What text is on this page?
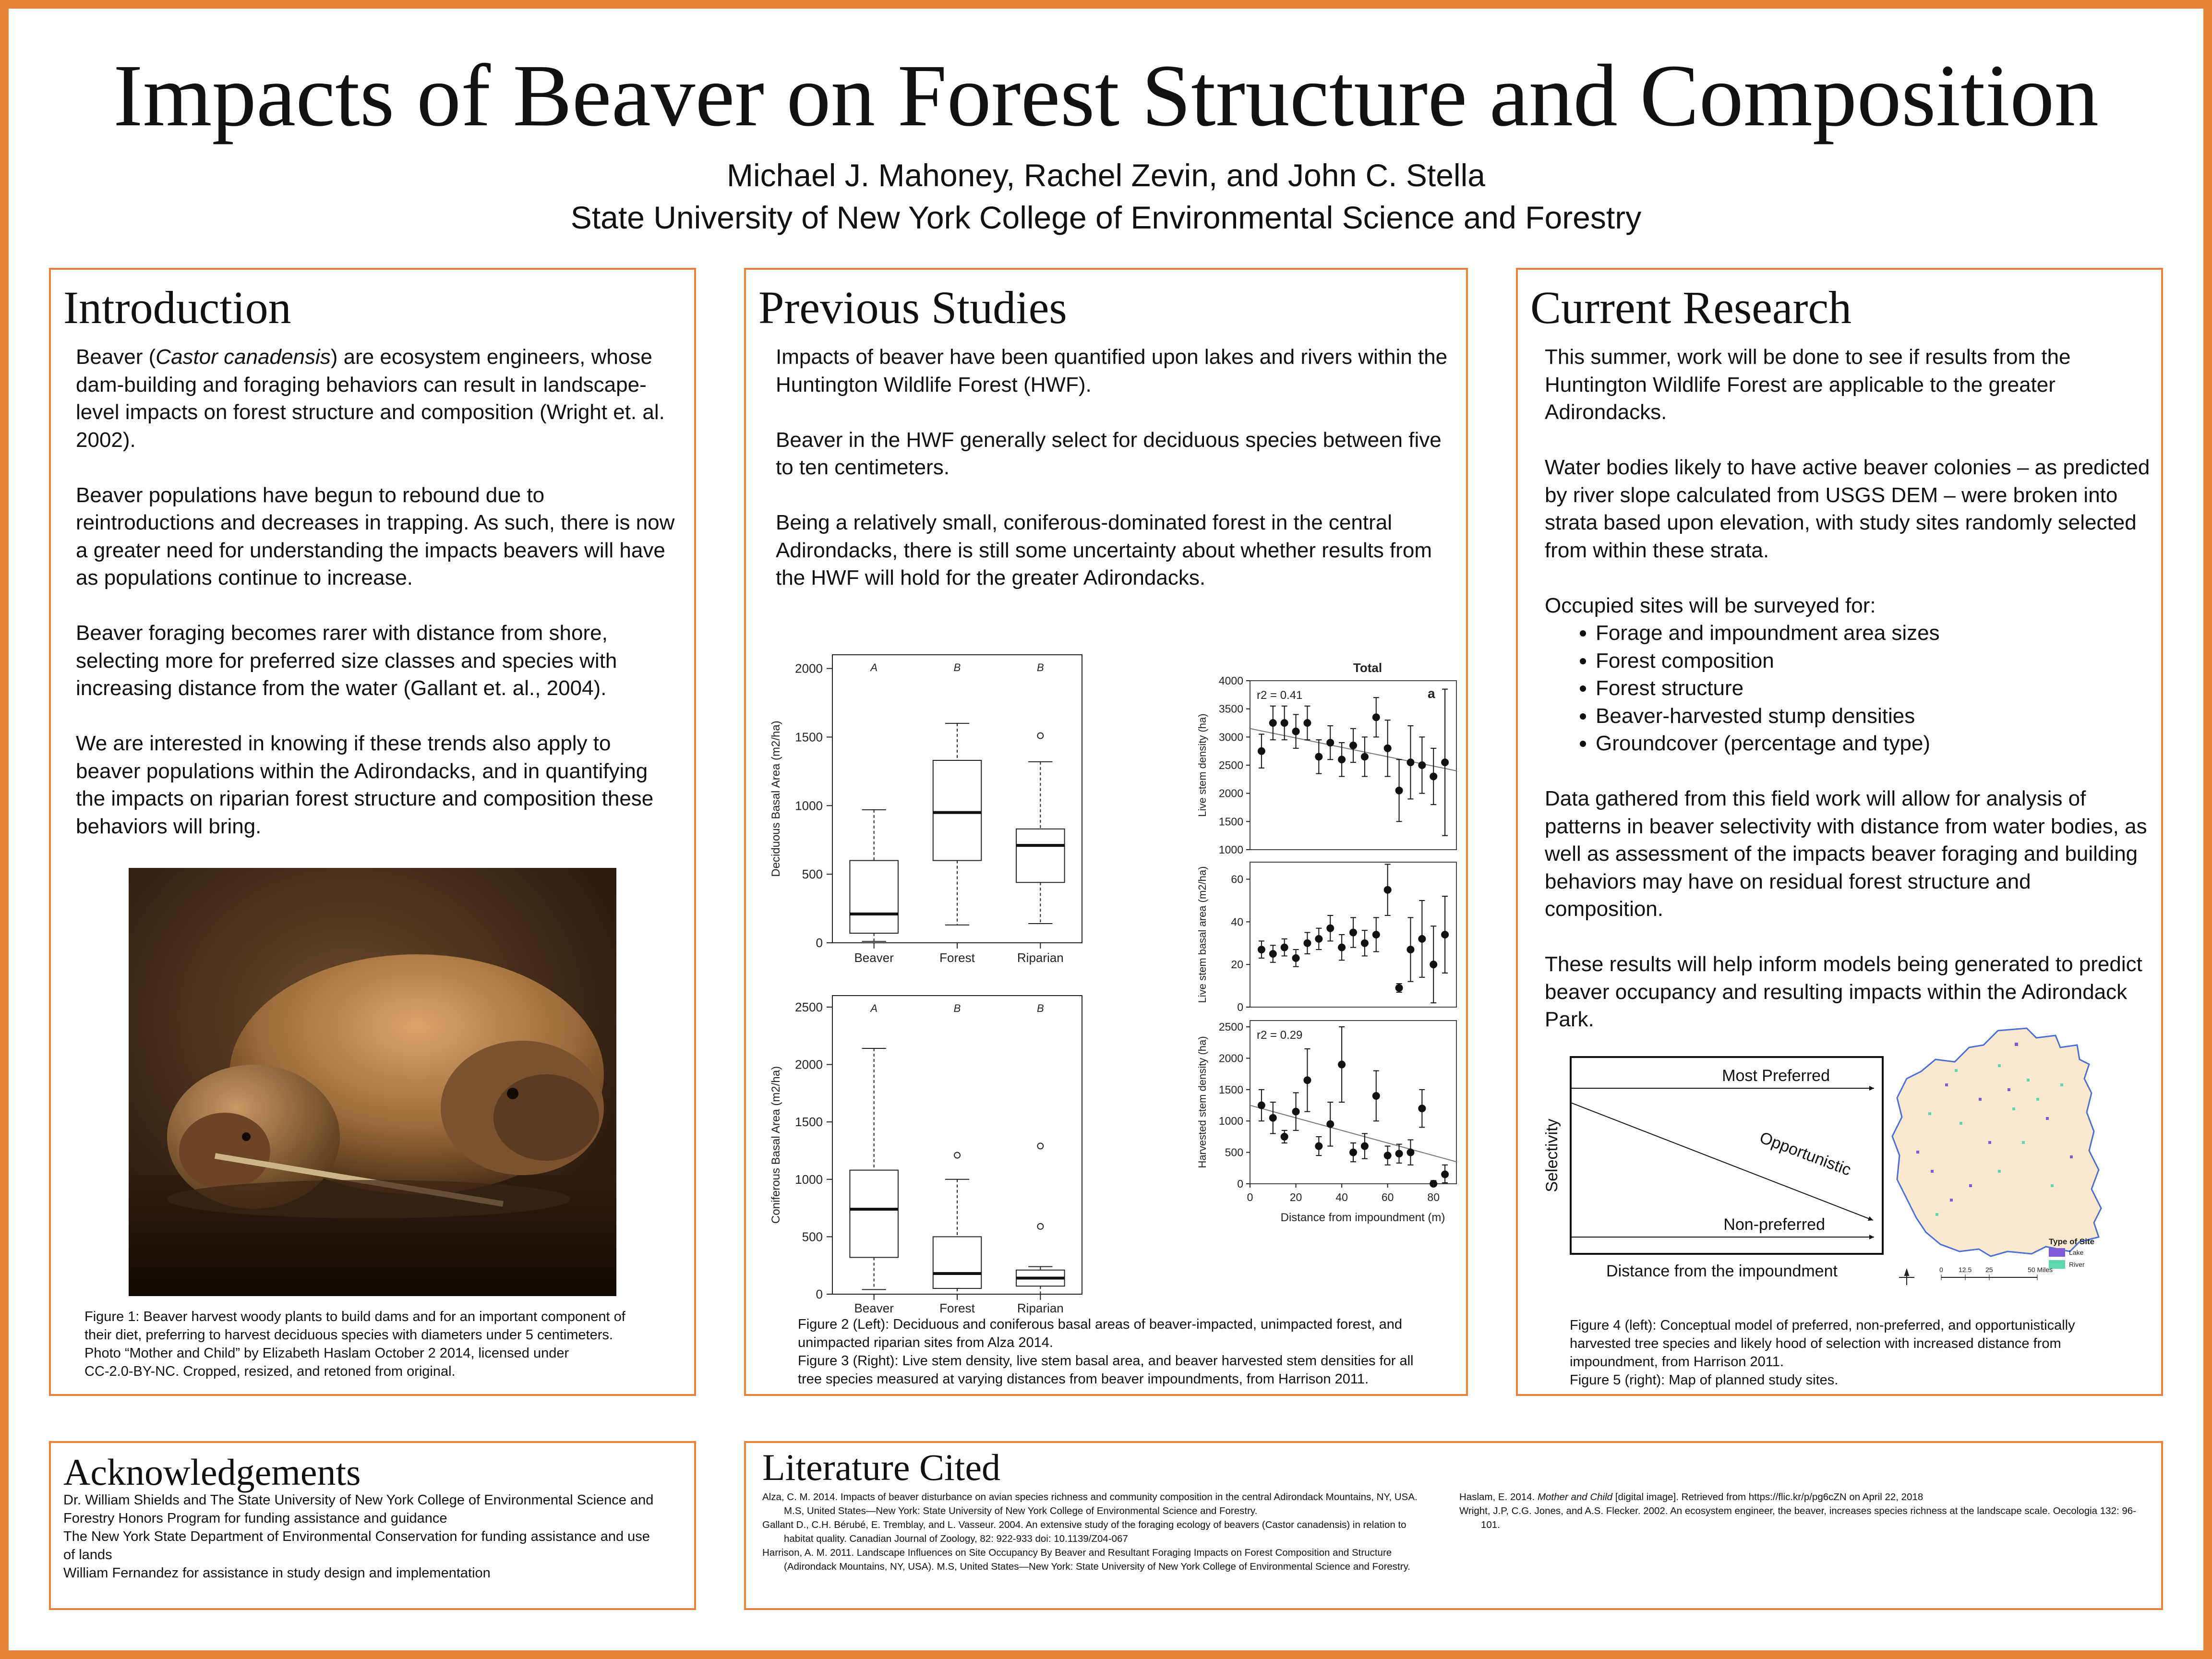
Impacts of Beaver on Forest Structure and Composition
Michael J. Mahoney, Rachel Zevin, and John C. Stella
State University of New York College of Environmental Science and Forestry
Introduction

Beaver (Castor canadensis) are ecosystem engineers, whose dam-building and foraging behaviors can result in landscape-level impacts on forest structure and composition (Wright et. al. 2002).

Beaver populations have begun to rebound due to reintroductions and decreases in trapping. As such, there is now a greater need for understanding the impacts beavers will have as populations continue to increase.

Beaver foraging becomes rarer with distance from shore, selecting more for preferred size classes and species with increasing distance from the water (Gallant et. al., 2004).

We are interested in knowing if these trends also apply to beaver populations within the Adirondacks, and in quantifying the impacts on riparian forest structure and composition these behaviors will bring.

Figure 1: Beaver harvest woody plants to build dams and for an important component of
their diet, preferring to harvest deciduous species with diameters under 5 centimeters.
Photo “Mother and Child” by Elizabeth Haslam October 2 2014, licensed under
CC-2.0-BY-NC. Cropped, resized, and retoned from original.
Previous Studies

Impacts of beaver have been quantified upon lakes and rivers within the Huntington Wildlife Forest (HWF).

Beaver in the HWF generally select for deciduous species between five to ten centimeters.

Being a relatively small, coniferous-dominated forest in the central Adirondacks, there is still some uncertainty about whether results from the HWF will hold for the greater Adirondacks.

0
500
1000
1500
2000
Deciduous Basal Area (m2/ha)
A
Beaver
B
Forest
B
Riparian
0
500
1000
1500
2000
2500
Coniferous Basal Area (m2/ha)
A
Beaver
B
Forest
B
Riparian
1000
1500
2000
2500
3000
3500
4000
Live stem density (ha)
r2 = 0.41
Total
a
0
20
40
60
Live stem basal area (m2/ha)
0
500
1000
1500
2000
2500
Harvested stem density (ha)
r2 = 0.29
0	20	40	60	80
Distance from impoundment (m)
Figure 2 (Left): Deciduous and coniferous basal areas of beaver-impacted, unimpacted forest, and
unimpacted riparian sites from Alza 2014.
Figure 3 (Right): Live stem density, live stem basal area, and beaver harvested stem densities for all
tree species measured at varying distances from beaver impoundments, from Harrison 2011.
Current Research

This summer, work will be done to see if results from the Huntington Wildlife Forest are applicable to the greater Adirondacks.

Water bodies likely to have active beaver colonies – as predicted by river slope calculated from USGS DEM – were broken into strata based upon elevation, with study sites randomly selected from within these strata.

Occupied sites will be surveyed for:

• Forage and impoundment area sizes
• Forest composition
• Forest structure
• Beaver-harvested stump densities
• Groundcover (percentage and type)

Data gathered from this field work will allow for analysis of patterns in beaver selectivity with distance from water bodies, as well as assessment of the impacts beaver foraging and building behaviors may have on residual forest structure and composition.

These results will help inform models being generated to predict beaver occupancy and resulting impacts within the Adirondack Park.

Most Preferred
Opportunistic
Non-preferred
Selectivity
Distance from the impoundment
Type of Site
Lake
River
0 12.5 25	50 Miles
Figure 4 (left): Conceptual model of preferred, non-preferred, and opportunistically
harvested tree species and likely hood of selection with increased distance from
impoundment, from Harrison 2011.
Figure 5 (right): Map of planned study sites.
Acknowledgements
Dr. William Shields and The State University of New York College of Environmental Science and
Forestry Honors Program for funding assistance and guidance
The New York State Department of Environmental Conservation for funding assistance and use
of lands
William Fernandez for assistance in study design and implementation
Literature Cited
Alza, C. M. 2014. Impacts of beaver disturbance on avian species richness and community composition in the central Adirondack Mountains, NY, USA. M.S, United States—New York: State University of New York College of Environmental Science and Forestry.
Gallant D., C.H. Bérubé, E. Tremblay, and L. Vasseur. 2004. An extensive study of the foraging ecology of beavers (Castor canadensis) in relation to habitat quality. Canadian Journal of Zoology, 82: 922-933 doi: 10.1139/Z04-067
Harrison, A. M. 2011. Landscape Influences on Site Occupancy By Beaver and Resultant Foraging Impacts on Forest Composition and Structure (Adirondack Mountains, NY, USA). M.S, United States—New York: State University of New York College of Environmental Science and Forestry.
Haslam, E. 2014. Mother and Child [digital image]. Retrieved from https://flic.kr/p/pg6cZN on April 22, 2018
Wright, J.P, C.G. Jones, and A.S. Flecker. 2002. An ecosystem engineer, the beaver, increases species richness at the landscape scale. Oecologia 132: 96-101.
